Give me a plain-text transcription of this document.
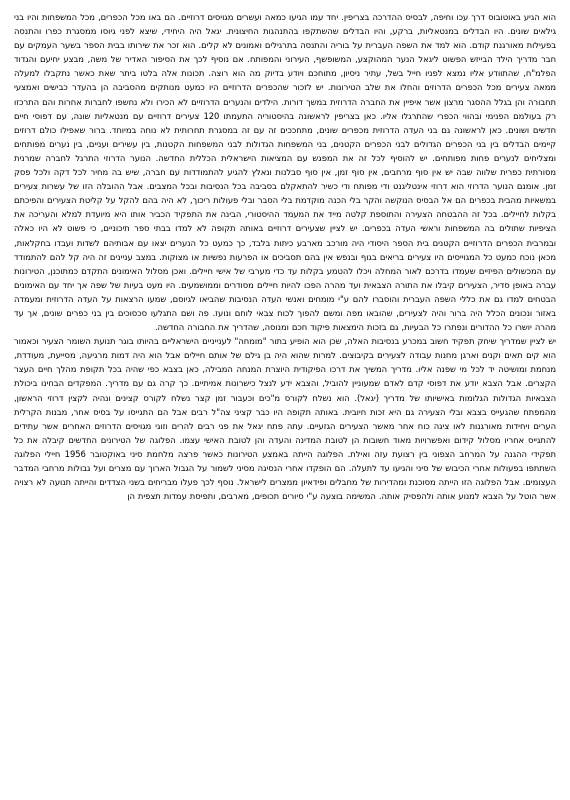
הוא הגיע באוטובוס דרך עכו וחיפה, לבסיס ההדרכה בצריפין. יחד עמו הגיעו כמאה ועשרים מגויסים דרוזיים. הם באו מכל הכפרים, מכל המשפחות והיו בני גילאים שונים. היו הבדלים במנטאליות, ברקע, והיו הבדלים שהשתקפו בהתנהגות החיצונית. יגאל היה היחידי, שיצא לפני גיוסו ממסגרת כפרו והתנסה בפעילות מאורגנת קודם. הוא למד את השפה העברית על בוריה והתנסה בתרגילים ואמונים לא קלים. הוא זכר את שירותו בבית הספר בשער העמקים עם חבר מדריך הילד הבייזש הפשוט ליגאל הנער המהוקצע, המשופשף, העירוני והמפותח. אם נוסיף לכך את הסיפור האדיר של משה, מבצע יחיעם והגדוד הפלמ"ח, שהתוודע אליו נמצא לפניו חייל בשל, עתיר ניסיון, מתוחכם ויודע בדיוק מה הוא רוצה. תכונות אלה בלטו ביתר שאת כאשר נתקבלו למעלה ממאה צעירים מכל הכפרים הדרוזים והחלו את שלב הטירונות. יש לזכור שהכפרים הדרוזיים היו כמעט מנותקים מהסביבה הן בהעדר כבישים ואמצעי תחבורה והן בגלל ההסגר מרצון אשר איפיין את החברה הדרוזית במשך דורות. הילדים והנערים הדרוזיים לא הכירו ולא נחשפו לחברות אחרות והם התרכזו רק בעולמם הפנימי ובהווי הכפרי שהתרגלו אליו. כאן בצריפין לראשונה בהיסטוריה התעמתו 120 צעירים דרוזיים עם מנטאליות שונה, עם דפוסי חיים חדשים ושונים. כאן לראשונה גם בני העדה הדרוזית מכפרים שונים, מתחככים זה עם זה במסגרת תחרותית לא נוחה במיוחד. ברור שאפילו כולם דרוזים קיימים הבדלים בין בני הכפרים הגדולים לבני הכפרים הקטנים, בני המשפחות הגדולות לבני המשפחות הקטנות, בין עשירים ועניים, בין נערים מפותחים ומצליחים לנערים פחות מפותחים. יש להוסיף לכל זה את המפגש עם המציאות הישראלית הכללית החדשה. הנוער הדרוזי התרגל לחברה שמרנית מסורתית כפרית שלווה שבה יש אין סוף מרחבים, אין סוף זמן, אין סוף סבלנות ונאלץ להגיע להתמודדות עם חברה, שיש בה מחיר לכל דקה ולכל פסק זמן. אומנם הנוער הדרוזי הוא דרוזי אינטליגנט ודי מפותח ודי כשיר להתאקלם בסביבה בכל הנסיבות ובכל המצבים. אבל ההובלה הזו של עשרות צעירים במשאיות מהבית בכפרים הם אל הבסיס הנוקשה והקר בלי הכנה מוקדמת בלי הסבר ובלי פעולות ריכוך, לא היה בהם להקל על קליטת הצעירים והפיכתם בקלות לחיילים. בכל זה ההבטחה הצעירה והתוספת קלטה מייד את המעמד ההיסטורי, הבינה את התפקיד הכביר אותו היא מיועדת למלא והעריכה את הציפיות שתולים בה המשפחות וראשי העדה בכפרים. יש לציין שצעירים דרוזיים באותה תקופה לא למדו בבתי ספר תיכוניים, כי פשוט לא היו כאלה ובמרבית הכפרים הדרוזיים הקטנים בית הספר היסודי היה מורכב מארבע כיתות בלבד, כך כמעט כל הנערים יצאו עם אבותיהם לשדות ועבדו בחקלאות, מכאן נוכח כמעט כל המגוייסים היו צעירים בריאים בגוף ובנפש אין בהם תסביכים או הפרעות נפשיות או מצוקות. במצב עניינים זה היה קל להם להתמודד עם המכשולים הפיזיים שעמדו בדרכם לאור המחלה ויכלו להטמע בקלות עד כדי מערבי של אישי חיילים. ואכן מסלול האימונים התקדם כמתוכנן, הטירונות עברה באופן סדיר, הצעירים קיבלו את התורה הצבאית ועד מהרה הפכו להיות חיילים מסודרים וממושמעים. היו מעט בעיות של שפה אך יחד עם האימונים הבטחים למדו גם את כללי השפה העברית והוסברו להם ע"י מומחים ואנשי העדה הנסיבות שהביאו לגיוסם, שמעו הרצאות על העדה הדרוזית ומעמדה באזור ונכונים הכלל היה ברור והיה לצעירים, שהובאו מפה ומשם להפוך לכוח צבאי לוחם ונועז. פה ושם התגלעו סכסוכים בין בני כפרים שונים, אך עד מהרה יושרו כל ההדורים ונפתרו כל הבעיות, גם בזכות הימצאות פיקוד חכם ומנוסה, שהדריך את החבורה החדשה.

יש לציין שמדריך שיחק תפקיד חשוב במכרע בנסיבות האלה, שכן הוא הופיע בתור "מומחה" לענייניים הישראליים בהיותו בוגר תנועת השומר הצעיר וכאמור הוא קים תאים וקנים וארגן מחנות עבודה לצעירים בקיבוצים. למרות שהוא היה בן גילם של אותם חיילים אבל הוא היה דמות מרגיעה, מסייעת, מעודדת, מנחמת ומושיטה יד לכל מי שפנה אליו. מדריך המשיך את דרכו הפיקודית היוצרת המנחה המבילה, כאן בצבא כפי שהיה בכל תקופת מהלך חיים העצר הקצרים. אבל הצבא יודע את דפוסי קדם לאדם שמעוניין להוביל, והצבא ידע לנצל כישרונות אמיתיים. כך קרה גם עם מדריך. המפקדים הבחינו ביכולת הצבאיות הגדולות הגלומות באישיותו של מדריך (יגאל). הוא נשלח לקורס מ"כים וכעבור זמן קצר נשלח לקורס קצינים ונהיה לקצין דרוזי הראשון, מהמפתח שהגעייס בצבא ובלי הצעירה גם היא זכות חיובית. באותה תקופה היו כבר קציני צה"ל רבים אבל הם התגייסו על בסיס אחר, מבנות הקרלית הערים ויחידות מאורגנות לאו ציגה כוח אחר מאשר הצעירים הגזעיים. עתה פתח יגאל את פני רבים להרים וזוגי מגויסים הדרוזים האחרים אשר עתידים להתגייס אחריו מסלול קידום ואפשרויות מאוד חשובות הן לטובת המדינה והעדה והן לטובת האישי עצמו. הפלוגה של הטירונים החדשים קיבלה את כל תפקידי ההגנה על המרחב הצפוני בין רצועת עזה ואילת. הפלוגה הייתה באמצע הטירונות כאשר פרצה מלחמת סיני באוקטובר 1956 חיילי הפלוגה השתתפו בפעולות אחרי הכיבוש של סיני והגיעו עד לתעלה. הם הופקדו אחרי הנסיגה מסיני לשמור על הגבול הארוך עם מצרים ועל גבולות מרחבי המדבר העצומים. אבל הפלוגה הזו הייתה מסוכנת ומהדירות של מחבלים ופידאיון ממצרים לישראל. נוסף לכך פעלו מבריחים בשני הצדדים והייתה תנועה לא רצויה אשר הוטל על הצבא למנוע אותה ולהפסיק אותה. המשימה בוצעה ע"י סיורים תכופים, מארבים, ותפיסת עמדות תצפית הן
